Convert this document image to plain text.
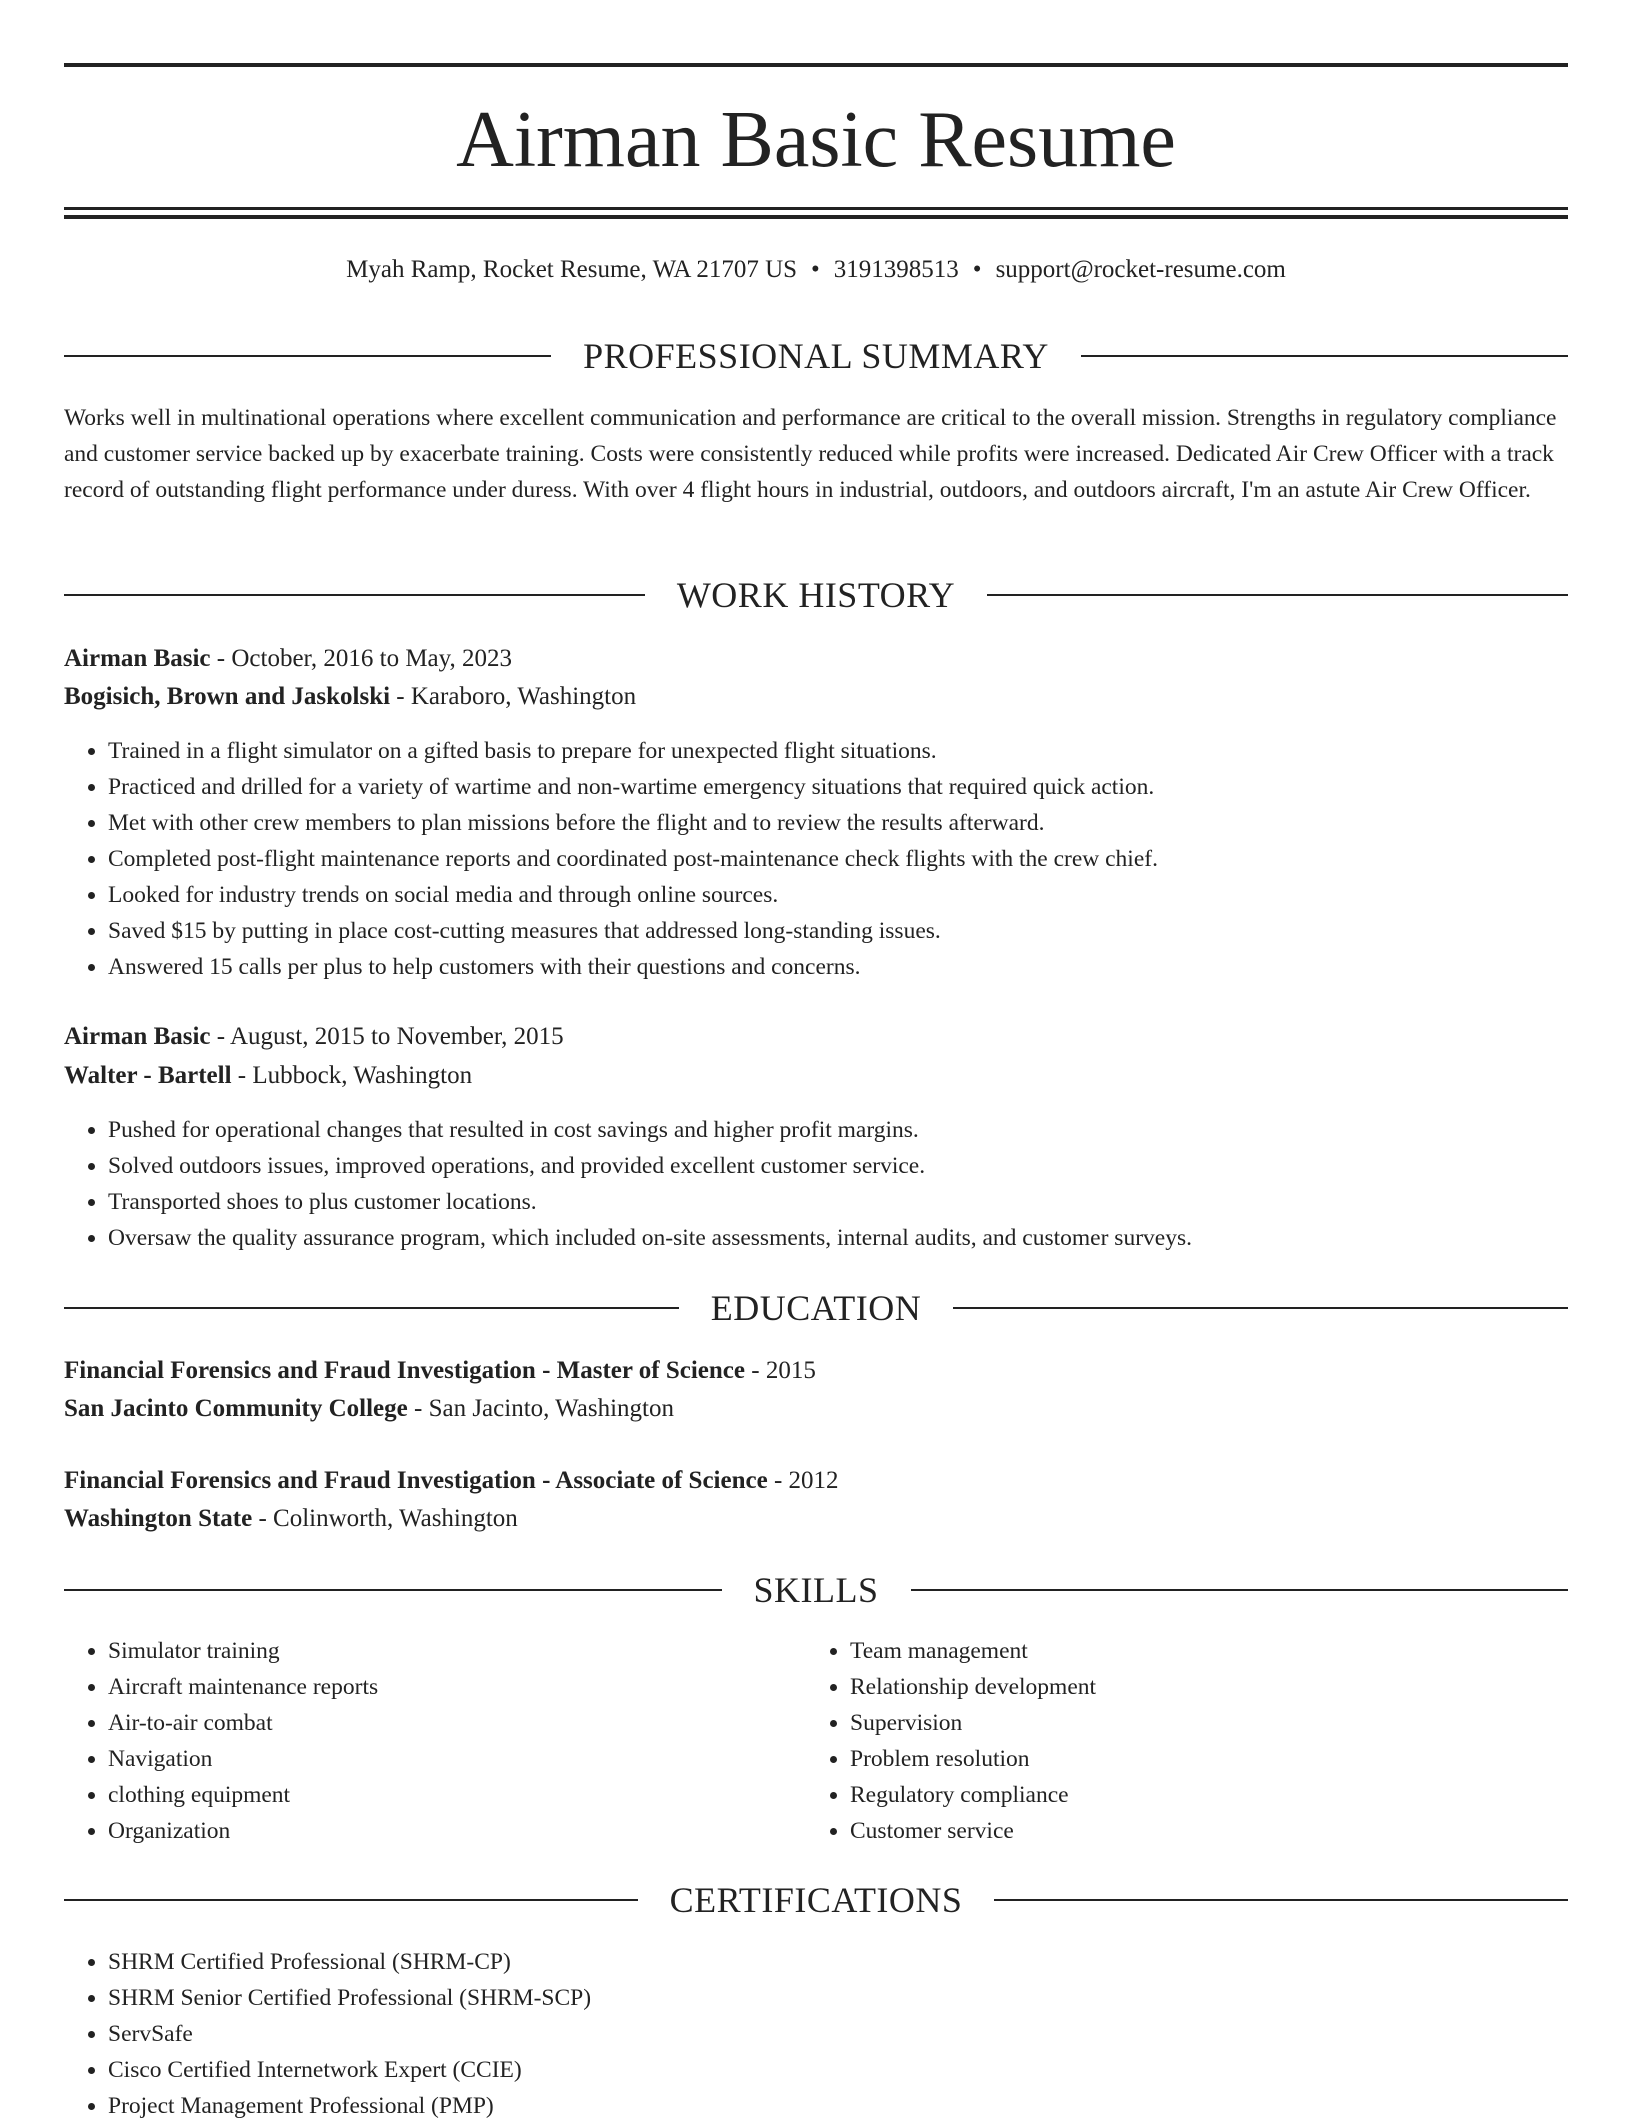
Airman Basic Resume
Myah Ramp, Rocket Resume, WA 21707 US • 3191398513 • support@rocket-resume.com
PROFESSIONAL SUMMARY

Works well in multinational operations where excellent communication and performance are critical to the overall mission. Strengths in regulatory compliance and customer service backed up by exacerbate training. Costs were consistently reduced while profits were increased. Dedicated Air Crew Officer with a track record of outstanding flight performance under duress. With over 4 flight hours in industrial, outdoors, and outdoors aircraft, I'm an astute Air Crew Officer.

WORK HISTORY
Airman Basic - October, 2016 to May, 2023
Bogisich, Brown and Jaskolski - Karaboro, Washington
• Trained in a flight simulator on a gifted basis to prepare for unexpected flight situations.
• Practiced and drilled for a variety of wartime and non-wartime emergency situations that required quick action.
• Met with other crew members to plan missions before the flight and to review the results afterward.
• Completed post-flight maintenance reports and coordinated post-maintenance check flights with the crew chief.
• Looked for industry trends on social media and through online sources.
• Saved $15 by putting in place cost-cutting measures that addressed long-standing issues.
• Answered 15 calls per plus to help customers with their questions and concerns.
Airman Basic - August, 2015 to November, 2015
Walter - Bartell - Lubbock, Washington
• Pushed for operational changes that resulted in cost savings and higher profit margins.
• Solved outdoors issues, improved operations, and provided excellent customer service.
• Transported shoes to plus customer locations.
• Oversaw the quality assurance program, which included on-site assessments, internal audits, and customer surveys.
EDUCATION
Financial Forensics and Fraud Investigation - Master of Science - 2015
San Jacinto Community College - San Jacinto, Washington
Financial Forensics and Fraud Investigation - Associate of Science - 2012
Washington State - Colinworth, Washington
SKILLS
• Simulator training
• Aircraft maintenance reports
• Air-to-air combat
• Navigation
• clothing equipment
• Organization
• Team management
• Relationship development
• Supervision
• Problem resolution
• Regulatory compliance
• Customer service
CERTIFICATIONS
• SHRM Certified Professional (SHRM-CP)
• SHRM Senior Certified Professional (SHRM-SCP)
• ServSafe
• Cisco Certified Internetwork Expert (CCIE)
• Project Management Professional (PMP)
